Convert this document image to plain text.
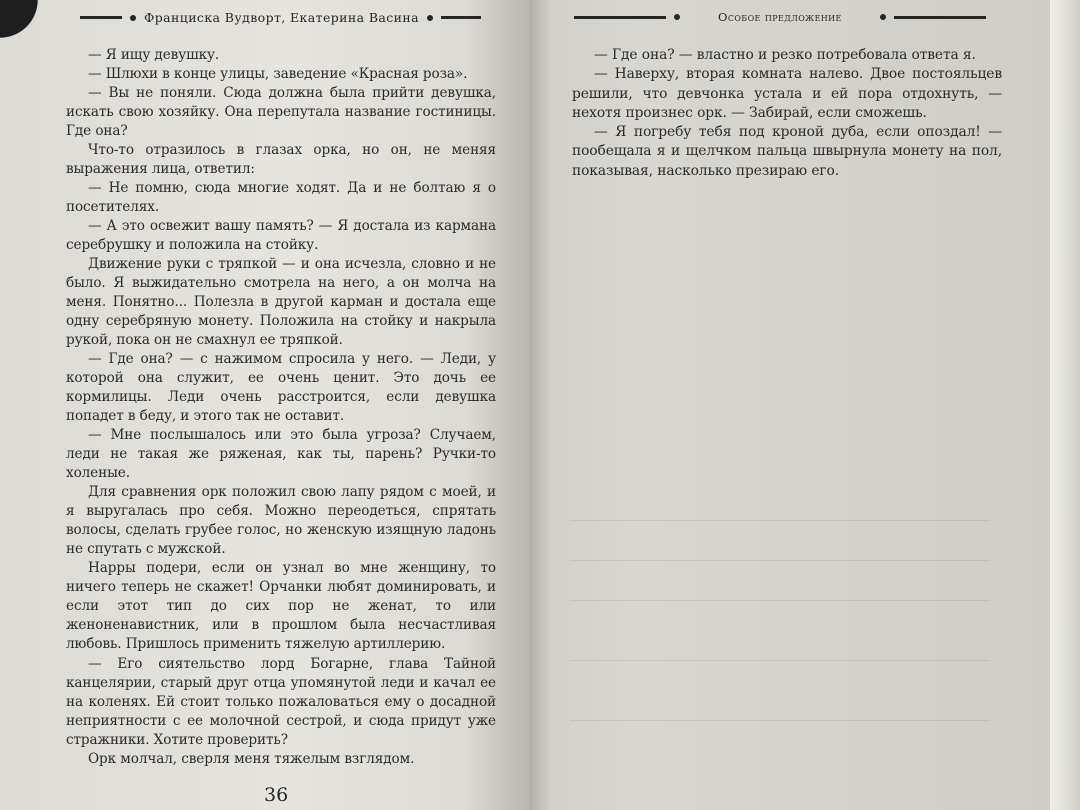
Франциска Вудворт, Екатерина Васина

— Я ищу девушку.

— Шлюхи в конце улицы, заведение «Красная роза».

— Вы не поняли. Сюда должна была прийти девушка, искать свою хозяйку. Она перепутала название гостиницы. Где она?

Что-то отразилось в глазах орка, но он, не меняя выражения лица, ответил:

— Не помню, сюда многие ходят. Да и не болтаю я о посетителях.

— А это освежит вашу память? — Я достала из кармана серебрушку и положила на стойку.

Движение руки с тряпкой — и она исчезла, словно и не было. Я выжидательно смотрела на него, а он молча на меня. Понятно... Полезла в другой карман и достала еще одну серебряную монету. Положила на стойку и накрыла рукой, пока он не смахнул ее тряпкой.

— Где она? — с нажимом спросила у него. — Леди, у которой она служит, ее очень ценит. Это дочь ее кормилицы. Леди очень расстроится, если девушка попадет в беду, и этого так не оставит.

— Мне послышалось или это была угроза? Случаем, леди не такая же ряженая, как ты, парень? Ручки-то холеные.

Для сравнения орк положил свою лапу рядом с моей, и я выругалась про себя. Можно переодеться, спрятать волосы, сделать грубее голос, но женскую изящную ладонь не спутать с мужской.

Нарры подери, если он узнал во мне женщину, то ничего теперь не скажет! Орчанки любят доминировать, и если этот тип до сих пор не женат, то или женоненавистник, или в прошлом была несчастливая любовь. Пришлось применить тяжелую артиллерию.

— Его сиятельство лорд Богарне, глава Тайной канцелярии, старый друг отца упомянутой леди и качал ее на коленях. Ей стоит только пожаловаться ему о досадной неприятности с ее молочной сестрой, и сюда придут уже стражники. Хотите проверить?

Орк молчал, сверля меня тяжелым взглядом.

36
Особое предложение

— Где она? — властно и резко потребовала ответа я.

— Наверху, вторая комната налево. Двое постояльцев решили, что девчонка устала и ей пора отдохнуть, — нехотя произнес орк. — Забирай, если сможешь.

— Я погребу тебя под кроной дуба, если опоздал! — пообещала я и щелчком пальца швырнула монету на пол, показывая, насколько презираю его.
